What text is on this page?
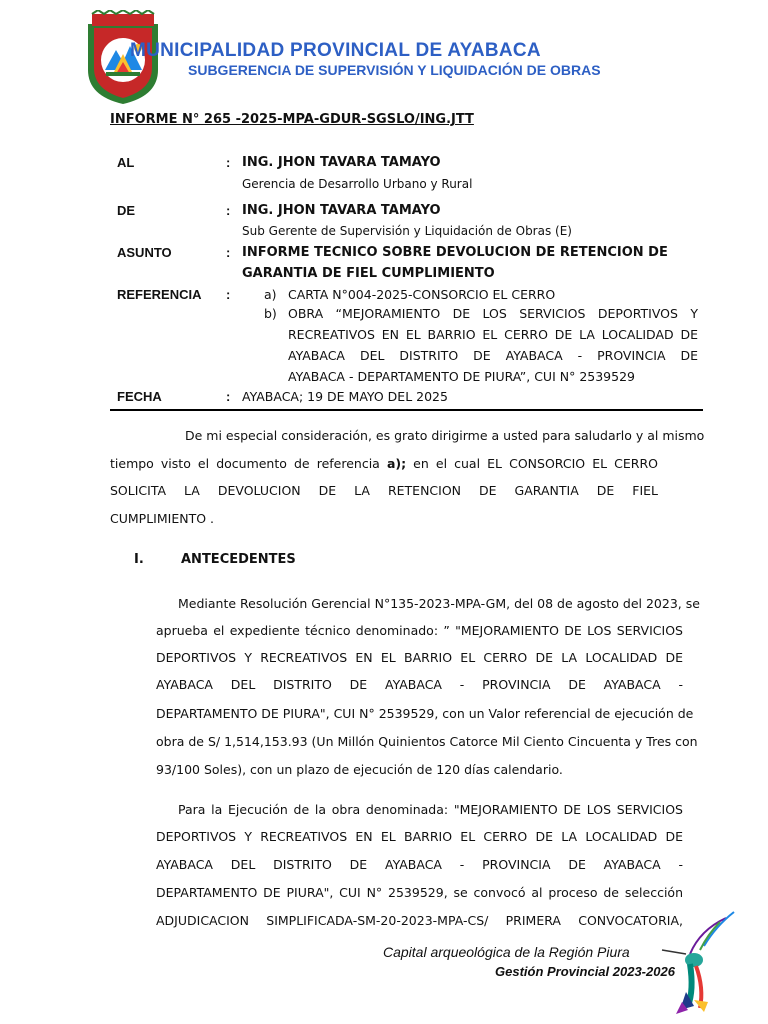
MUNICIPALIDAD PROVINCIAL DE AYABACA
SUBGERENCIA DE SUPERVISIÓN Y LIQUIDACIÓN DE OBRAS
INFORME N° 265 -2025-MPA-GDUR-SGSLO/ING.JTT
AL	: ING. JHON TAVARA TAMAYO
Gerencia de Desarrollo Urbano y Rural
DE	: ING. JHON TAVARA TAMAYO
Sub Gerente de Supervisión y Liquidación de Obras (E)
ASUNTO	: INFORME TECNICO SOBRE DEVOLUCION DE RETENCION DE
GARANTIA DE FIEL CUMPLIMIENTO
REFERENCIA :	a) CARTA N°004-2025-CONSORCIO EL CERRO
b) OBRA “MEJORAMIENTO DE LOS SERVICIOS DEPORTIVOS Y
RECREATIVOS EN EL BARRIO EL CERRO DE LA LOCALIDAD DE
AYABACA DEL DISTRITO DE AYABACA - PROVINCIA DE
AYABACA - DEPARTAMENTO DE PIURA”, CUI N° 2539529
FECHA	: AYABACA; 19 DE MAYO DEL 2025
De mi especial consideración, es grato dirigirme a usted para saludarlo y al mismo
tiempo visto el documento de referencia a); en el cual EL CONSORCIO EL CERRO
SOLICITA LA DEVOLUCION DE LA RETENCION DE GARANTIA DE FIEL
CUMPLIMIENTO .
I.	ANTECEDENTES
Mediante Resolución Gerencial N°135-2023-MPA-GM, del 08 de agosto del 2023, se
aprueba el expediente técnico denominado: ” "MEJORAMIENTO DE LOS SERVICIOS
DEPORTIVOS Y RECREATIVOS EN EL BARRIO EL CERRO DE LA LOCALIDAD DE
AYABACA DEL DISTRITO DE AYABACA - PROVINCIA DE AYABACA -
DEPARTAMENTO DE PIURA", CUI N° 2539529, con un Valor referencial de ejecución de
obra de S/ 1,514,153.93 (Un Millón Quinientos Catorce Mil Ciento Cincuenta y Tres con
93/100 Soles), con un plazo de ejecución de 120 días calendario.
Para la Ejecución de la obra denominada: "MEJORAMIENTO DE LOS SERVICIOS
DEPORTIVOS Y RECREATIVOS EN EL BARRIO EL CERRO DE LA LOCALIDAD DE
AYABACA DEL DISTRITO DE AYABACA - PROVINCIA DE AYABACA -
DEPARTAMENTO DE PIURA", CUI N° 2539529, se convocó al proceso de selección
ADJUDICACION SIMPLIFICADA-SM-20-2023-MPA-CS/ PRIMERA CONVOCATORIA,
Capital arqueológica de la Región Piura
Gestión Provincial 2023-2026
